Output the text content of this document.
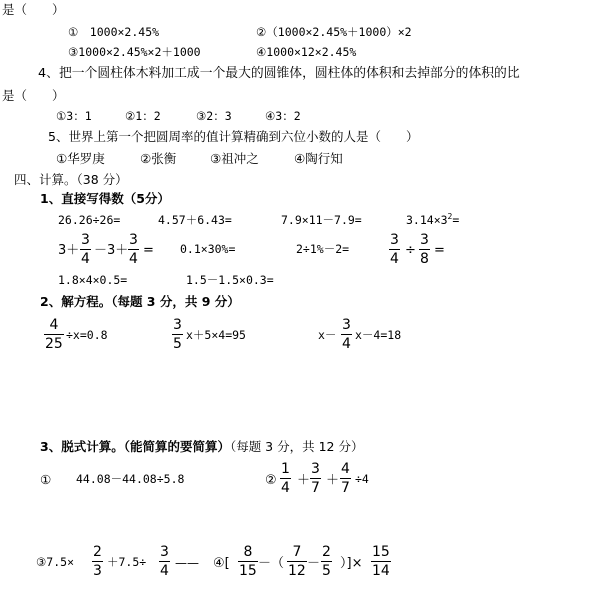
是（　　）
①　1000×2.45%	②（1000×2.45%＋1000）×2
③1000×2.45%×2＋1000	④1000×12×2.45%
4、把一个圆柱体木料加工成一个最大的圆锥体，圆柱体的体积和去掉部分的体积的比
是（　　）
①3：1	②1：2	③2：3	④3：2
5、世界上第一个把圆周率的值计算精确到六位小数的人是（　　）
①华罗庚	②张衡	③祖冲之	④陶行知
四、计算。（38 分）
1、直接写得数（5分）
26.26÷26=	4.57＋6.43=	7.9×11－7.9=	$3.14\times 3^2=$
3＋
3
4
－3＋
3
4
= 0.1×30%=	2÷1%－2=
3
4
÷
3
8
=
1.8×4×0.5=	1.5－1.5×0.3=
2、解方程。（每题 3 分，共 9 分）
4
25
÷x=0.8
3
5
x＋5×4=95	x－
3
4
x－4=18
3、脱式计算。（能简算的要简算）（每题 3 分，共 12 分）
① 44.08－44.08÷5.8	②
1
4 ＋
3
7 ＋
4
7
÷4
③7.5×
2
3
＋7.5÷
3
4 —— ④[
8
15 －（
7
12 －
2
5 ）]×
15
14
